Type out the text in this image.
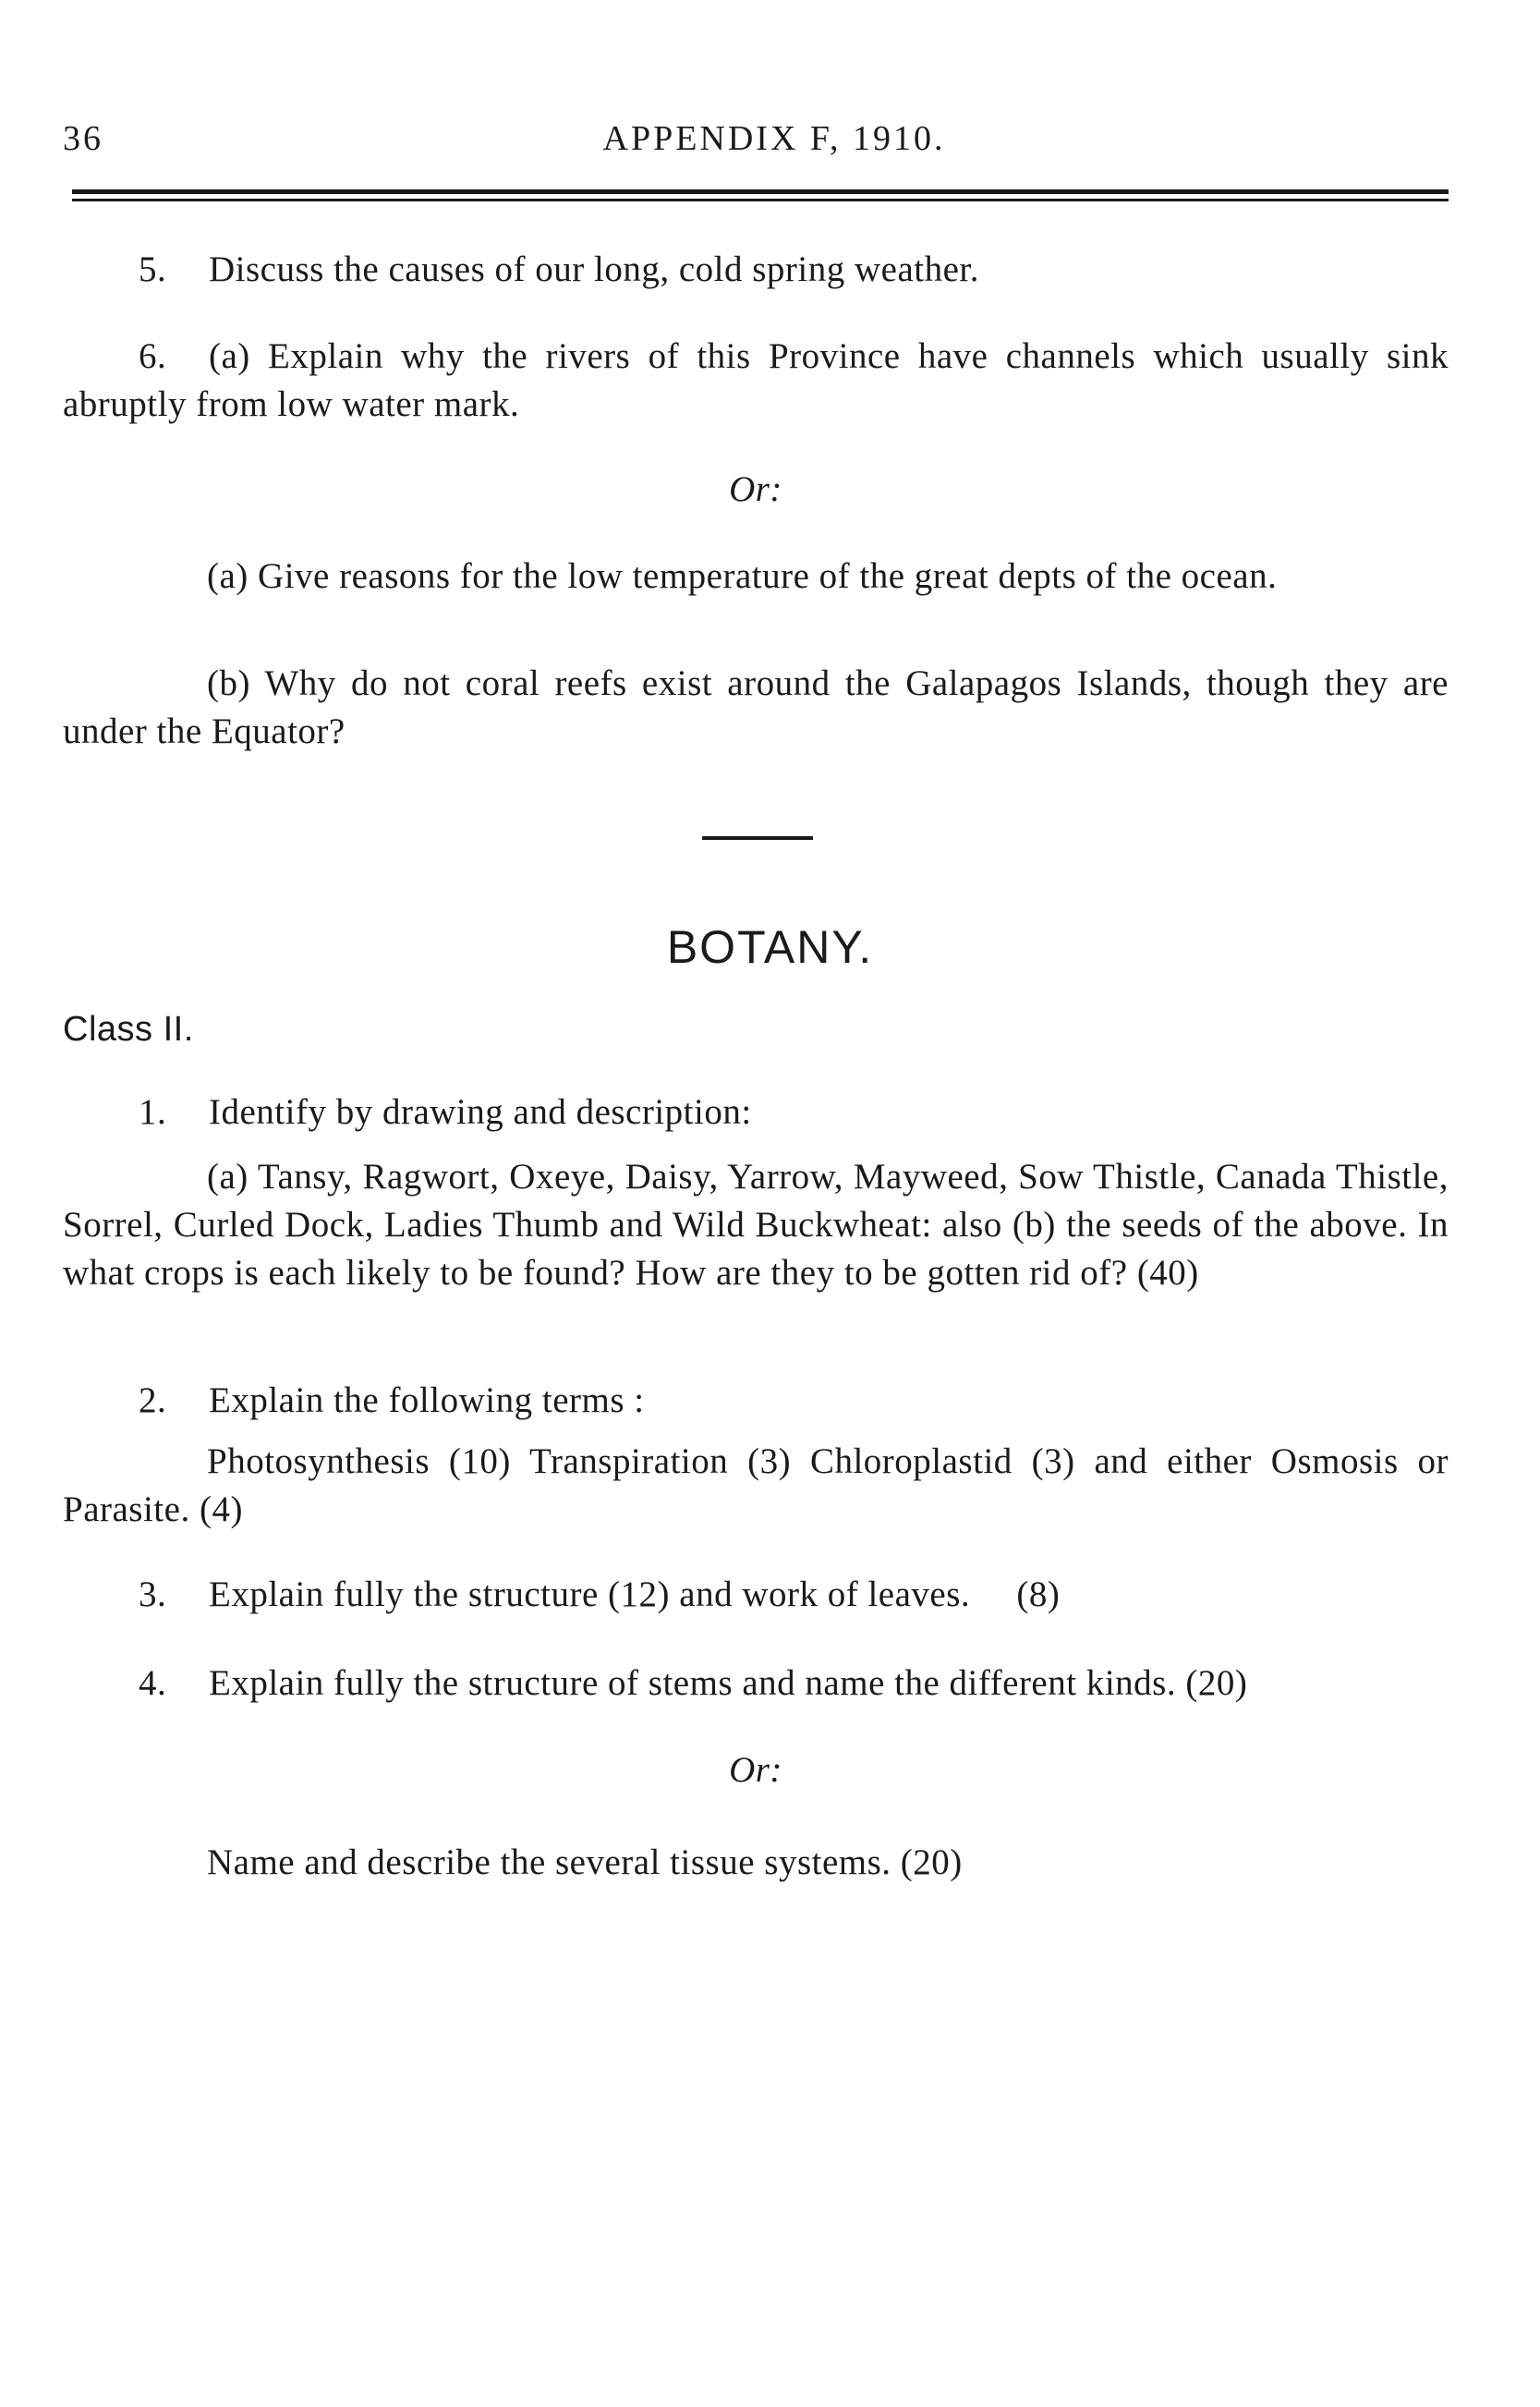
36	APPENDIX F, 1910.
5. Discuss the causes of our long, cold spring weather.
6. (a) Explain why the rivers of this Province have channels which usually sink abruptly from low water mark.
Or:
(a) Give reasons for the low temperature of the great depts of the ocean.
(b) Why do not coral reefs exist around the Galapagos Islands, though they are under the Equator?
BOTANY.
Class II.
1. Identify by drawing and description:
(a) Tansy, Ragwort, Oxeye, Daisy, Yarrow, Mayweed, Sow Thistle, Canada Thistle, Sorrel, Curled Dock, Ladies Thumb and Wild Buckwheat: also (b) the seeds of the above. In what crops is each likely to be found? How are they to be gotten rid of? (40)
2. Explain the following terms :
Photosynthesis (10) Transpiration (3) Chloroplastid (3) and either Osmosis or Parasite. (4)
3. Explain fully the structure (12) and work of leaves. (8)
4. Explain fully the structure of stems and name the different kinds. (20)
Or:
Name and describe the several tissue systems. (20)
